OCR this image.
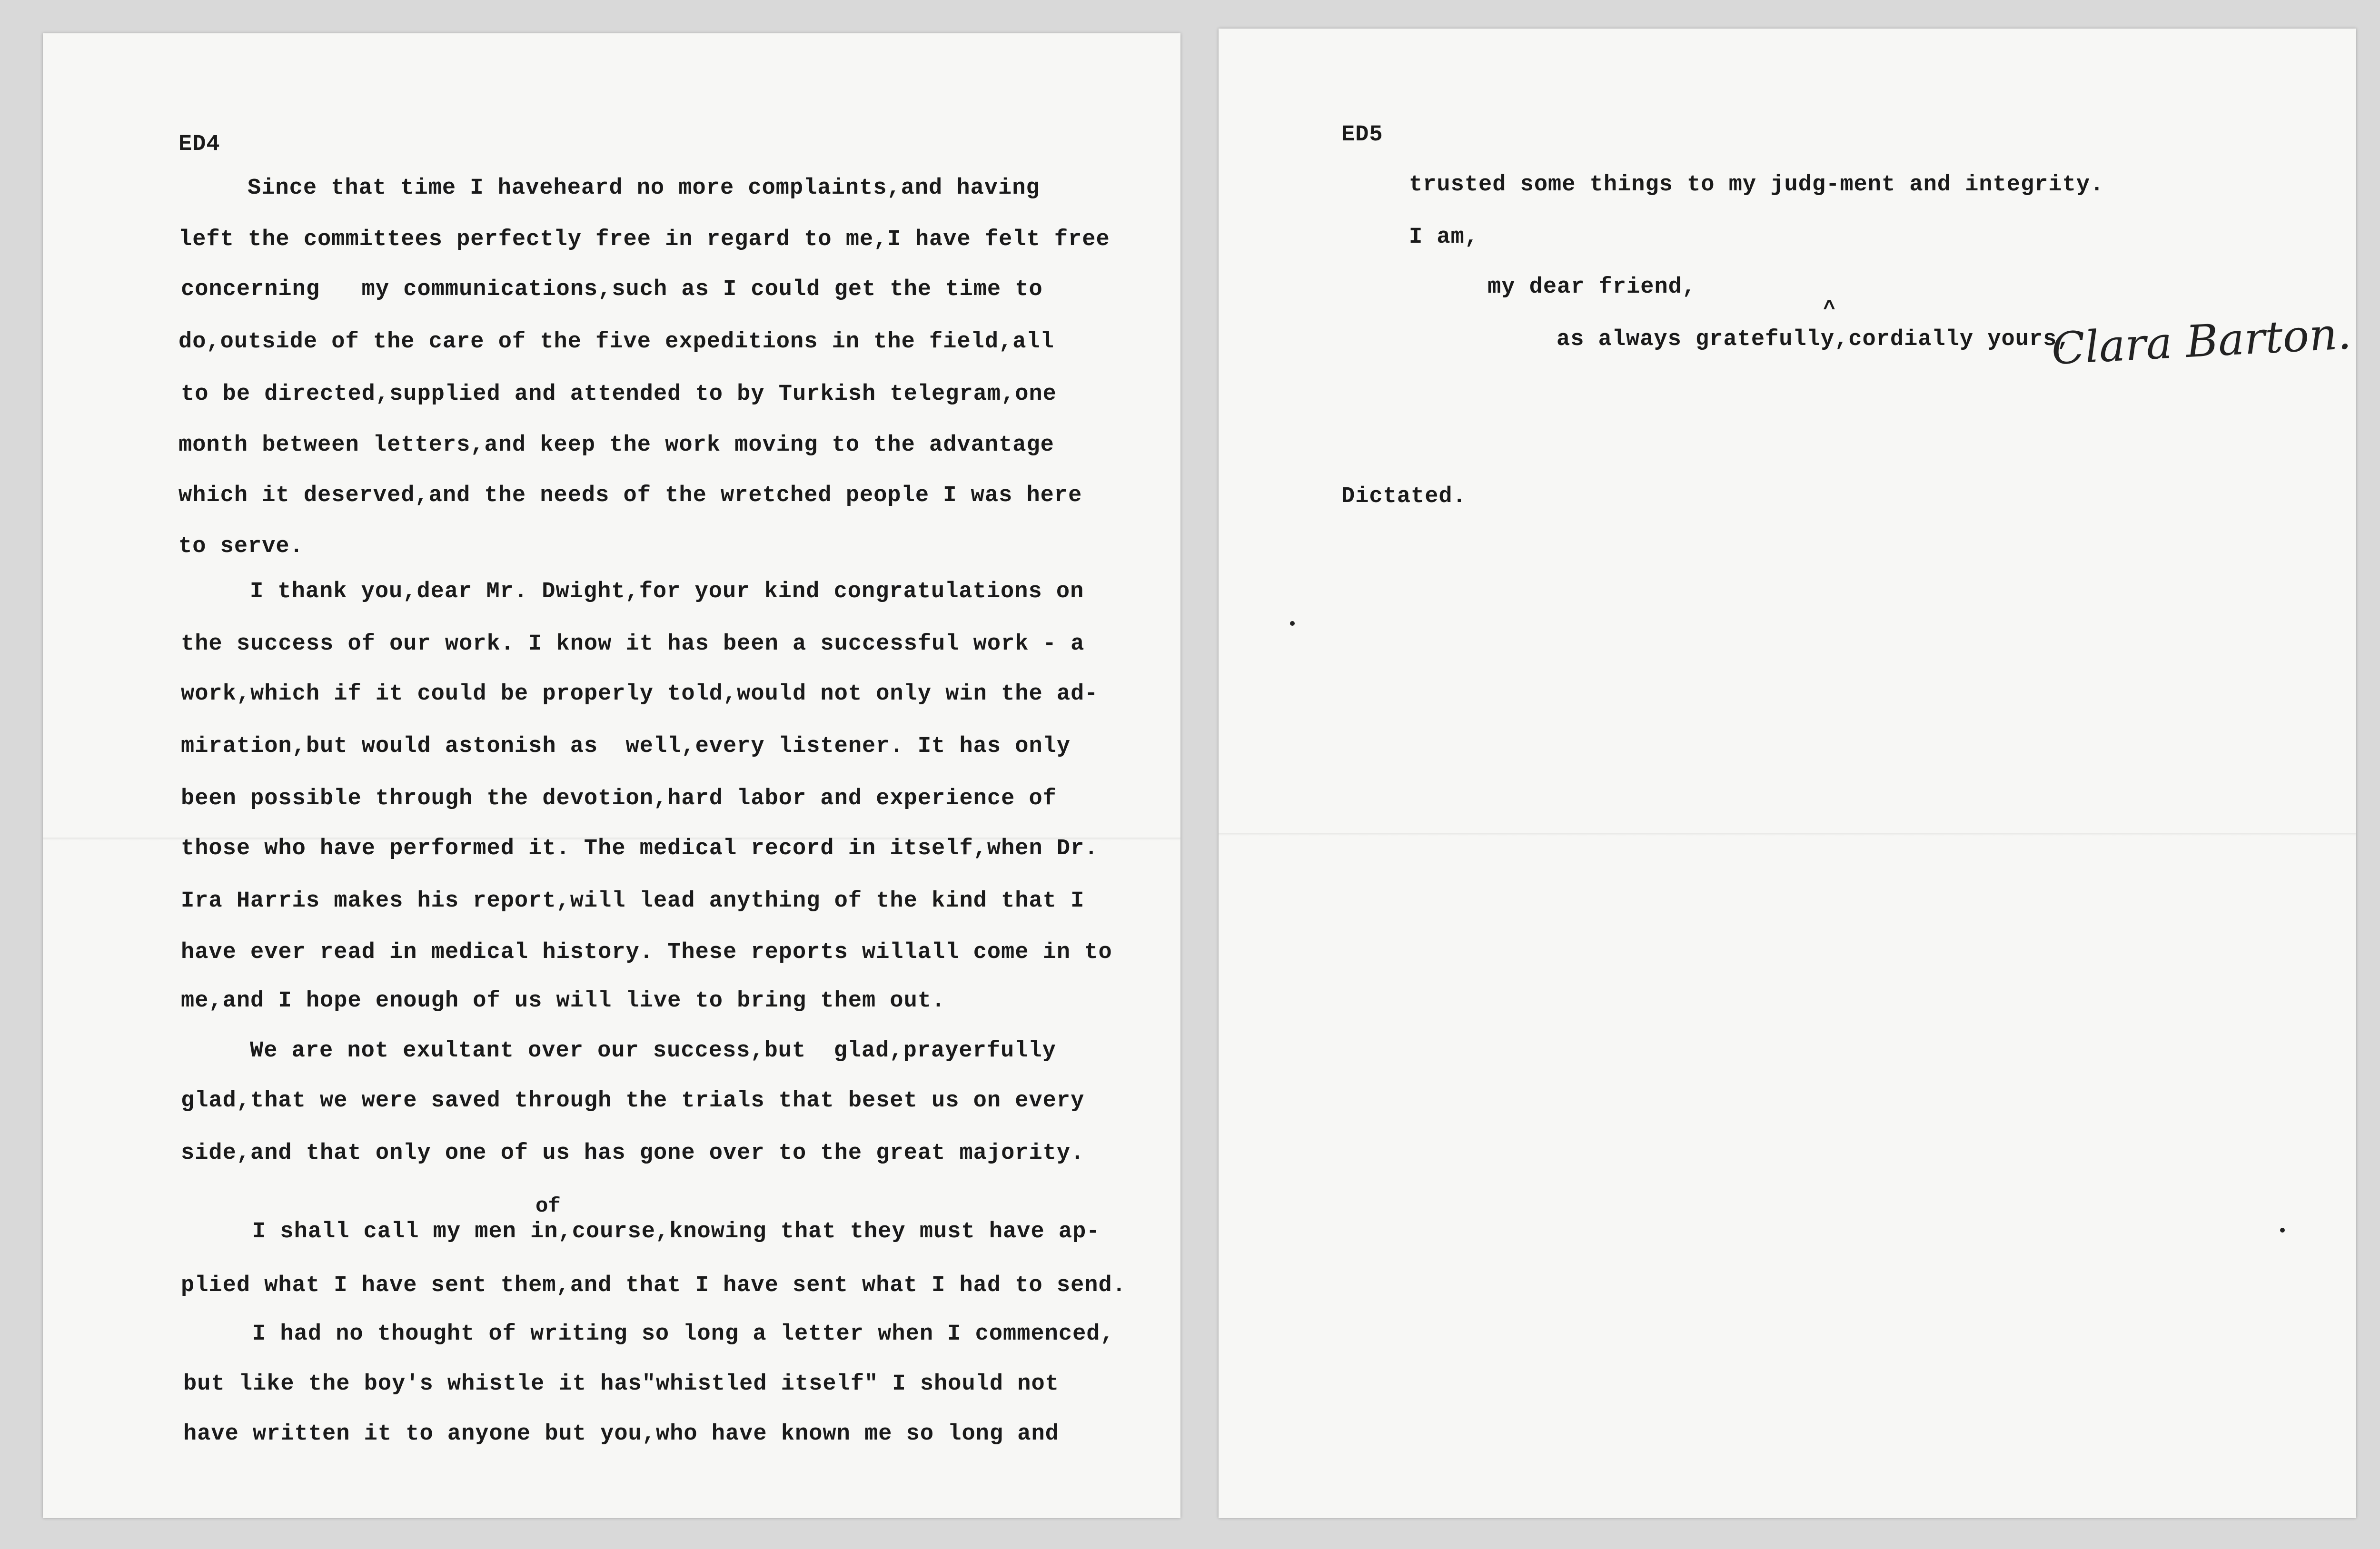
ED4
Since that time I haveheard no more complaints,and having
left the committees perfectly free in regard to me,I have felt free
concerning   my communications,such as I could get the time to
do,outside of the care of the five expeditions in the field,all
to be directed,supplied and attended to by Turkish telegram,one
month between letters,and keep the work moving to the advantage
which it deserved,and the needs of the wretched people I was here
to serve.
I thank you,dear Mr. Dwight,for your kind congratulations on
the success of our work. I know it has been a successful work - a
work,which if it could be properly told,would not only win the ad-
miration,but would astonish as  well,every listener. It has only
been possible through the devotion,hard labor and experience of
those who have performed it. The medical record in itself,when Dr.
Ira Harris makes his report,will lead anything of the kind that I
have ever read in medical history. These reports willall come in to
me,and I hope enough of us will live to bring them out.
We are not exultant over our success,but  glad,prayerfully
glad,that we were saved through the trials that beset us on every
side,and that only one of us has gone over to the great majority.
of
I shall call my men in,course,knowing that they must have ap-
plied what I have sent them,and that I have sent what I had to send.
I had no thought of writing so long a letter when I commenced,
but like the boy's whistle it has"whistled itself" I should not
have written it to anyone but you,who have known me so long and
ED5
trusted some things to my judg-ment and integrity.
I am,
my dear friend,
^
as always gratefully,cordially yours,
Clara Barton.
Dictated.
